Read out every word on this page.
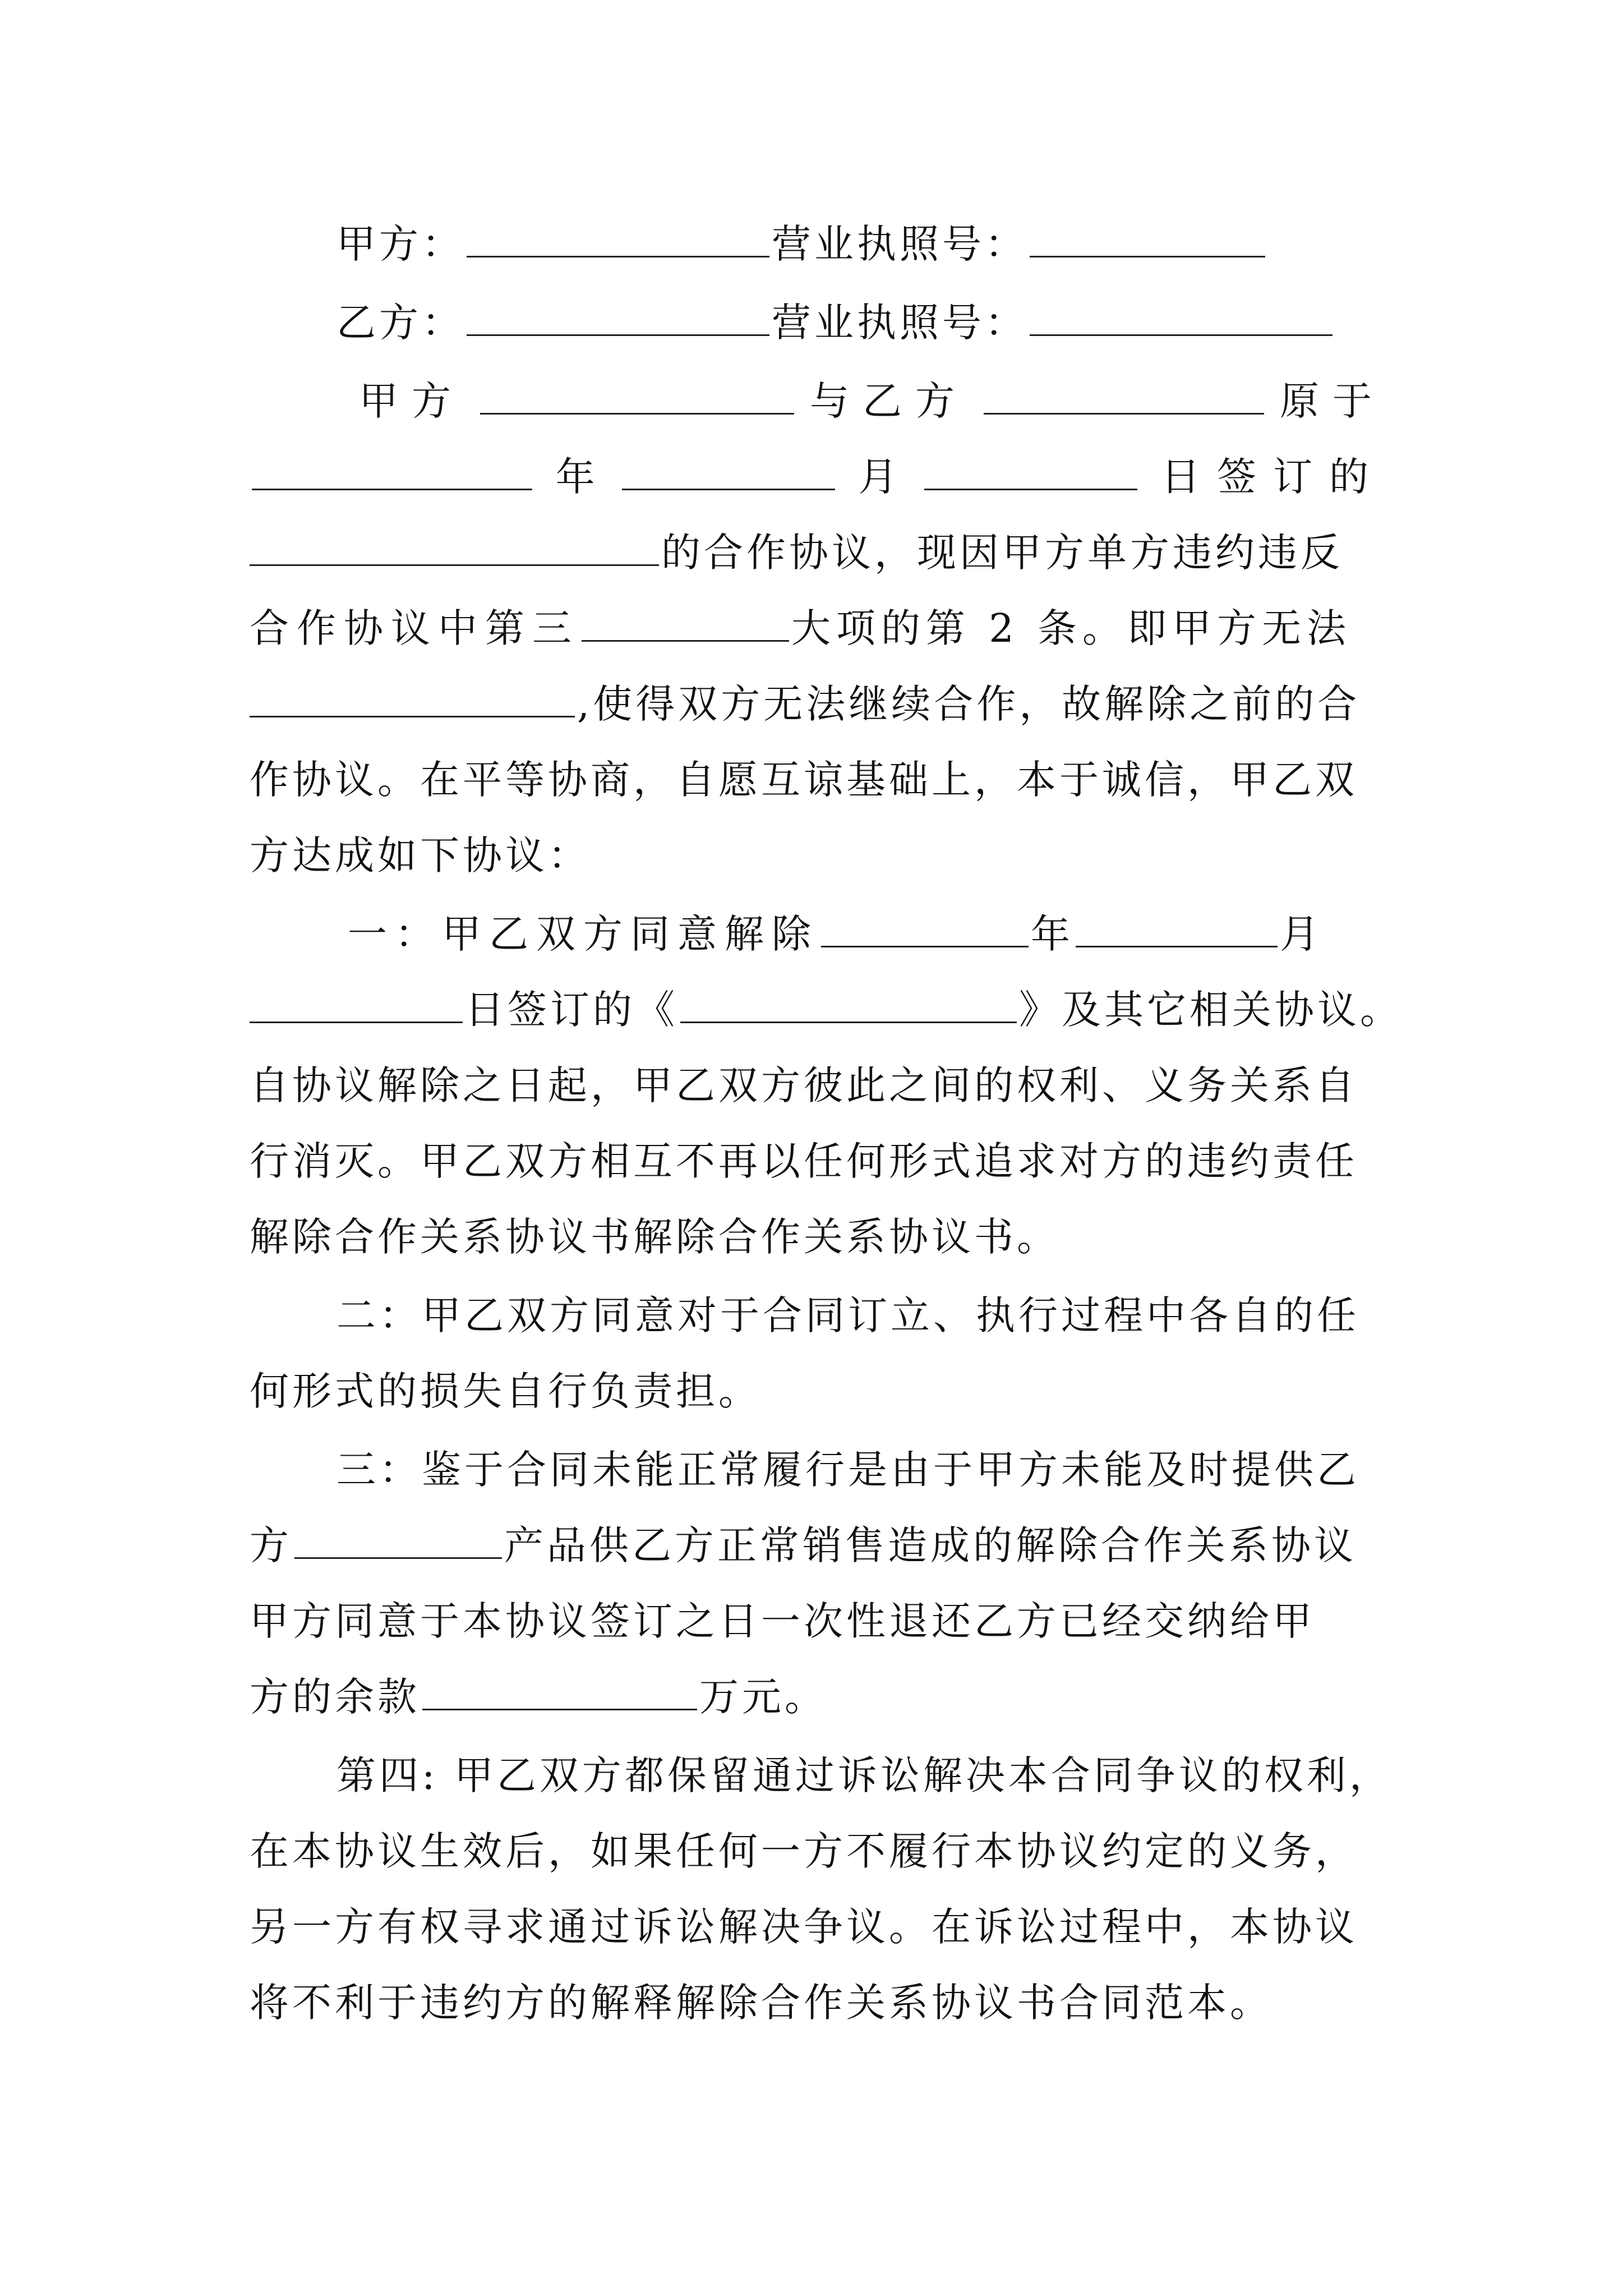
甲方：	营业执照号：
乙方：	营业执照号：
甲方	与乙方	原于
年	月	日签订的
的合作协议，现因甲方单方违约违反
合作协议中第三	大项的第 2 条。即甲方无法
,使得双方无法继续合作，故解除之前的合
作协议。在平等协商，自愿互谅基础上，本于诚信，甲乙双
方达成如下协议：
一：甲乙双方同意解除	年	月
日签订的《	》及其它相关协议。
自协议解除之日起，甲乙双方彼此之间的权利、义务关系自
行消灭。甲乙双方相互不再以任何形式追求对方的违约责任
解除合作关系协议书解除合作关系协议书。
二：甲乙双方同意对于合同订立、执行过程中各自的任
何形式的损失自行负责担。
三：鉴于合同未能正常履行是由于甲方未能及时提供乙
方	产品供乙方正常销售造成的解除合作关系协议
甲方同意于本协议签订之日一次性退还乙方已经交纳给甲
方的余款	万元。
第四: 甲乙双方都保留通过诉讼解决本合同争议的权利，
在本协议生效后，如果任何一方不履行本协议约定的义务，
另一方有权寻求通过诉讼解决争议。在诉讼过程中，本协议
将不利于违约方的解释解除合作关系协议书合同范本。
